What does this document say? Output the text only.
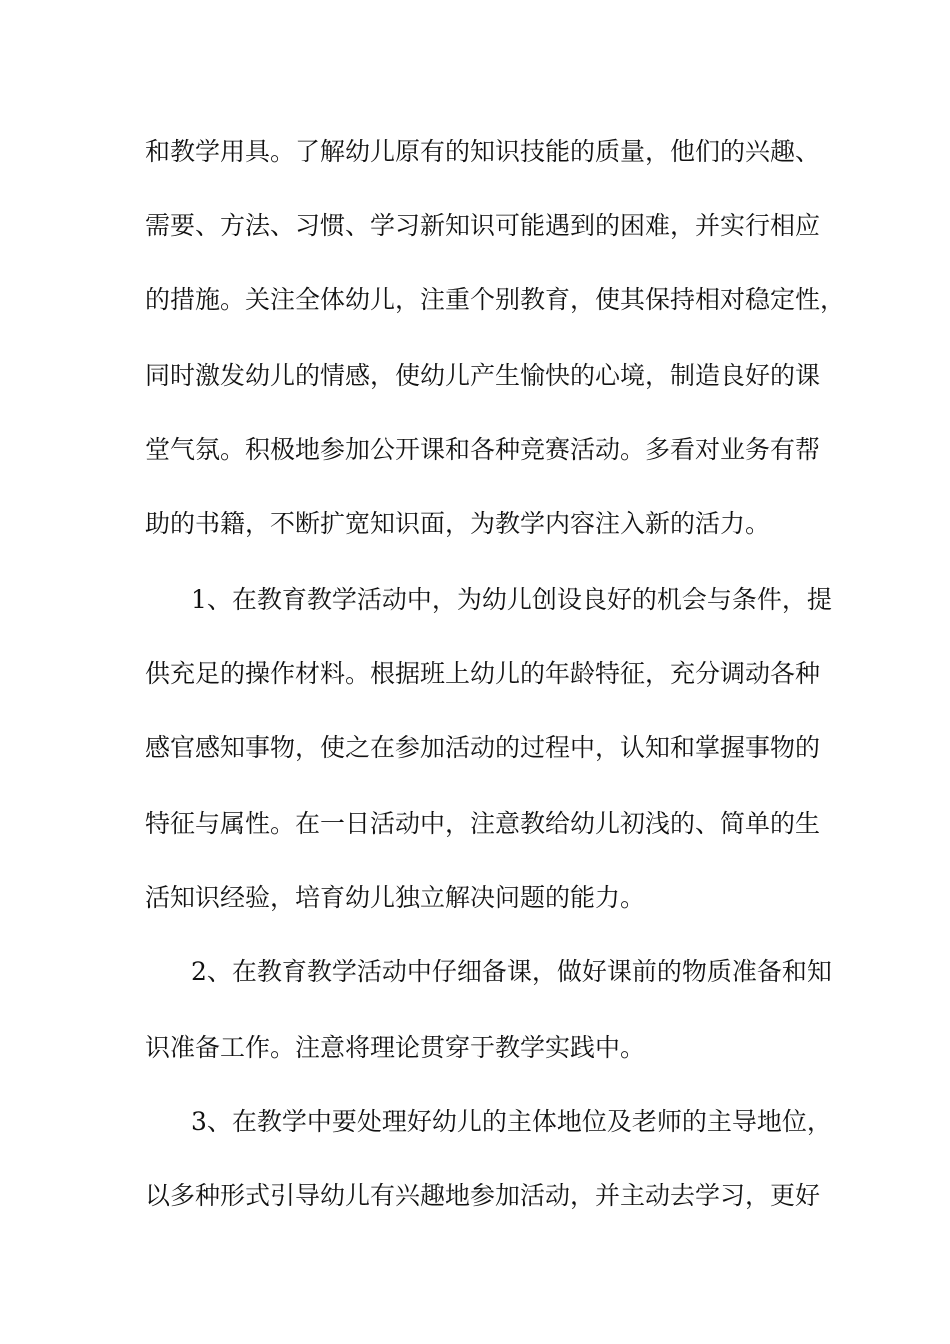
和教学用具。了解幼儿原有的知识技能的质量，他们的兴趣、

需要、方法、习惯、学习新知识可能遇到的困难，并实行相应

的措施。关注全体幼儿，注重个别教育，使其保持相对稳定性，

同时激发幼儿的情感，使幼儿产生愉快的心境，制造良好的课

堂气氛。积极地参加公开课和各种竞赛活动。多看对业务有帮

助的书籍，不断扩宽知识面，为教学内容注入新的活力。

1、在教育教学活动中，为幼儿创设良好的机会与条件，提

供充足的操作材料。根据班上幼儿的年龄特征，充分调动各种

感官感知事物，使之在参加活动的过程中，认知和掌握事物的

特征与属性。在一日活动中，注意教给幼儿初浅的、简单的生

活知识经验，培育幼儿独立解决问题的能力。

2、在教育教学活动中仔细备课，做好课前的物质准备和知

识准备工作。注意将理论贯穿于教学实践中。

3、在教学中要处理好幼儿的主体地位及老师的主导地位，

以多种形式引导幼儿有兴趣地参加活动，并主动去学习，更好
